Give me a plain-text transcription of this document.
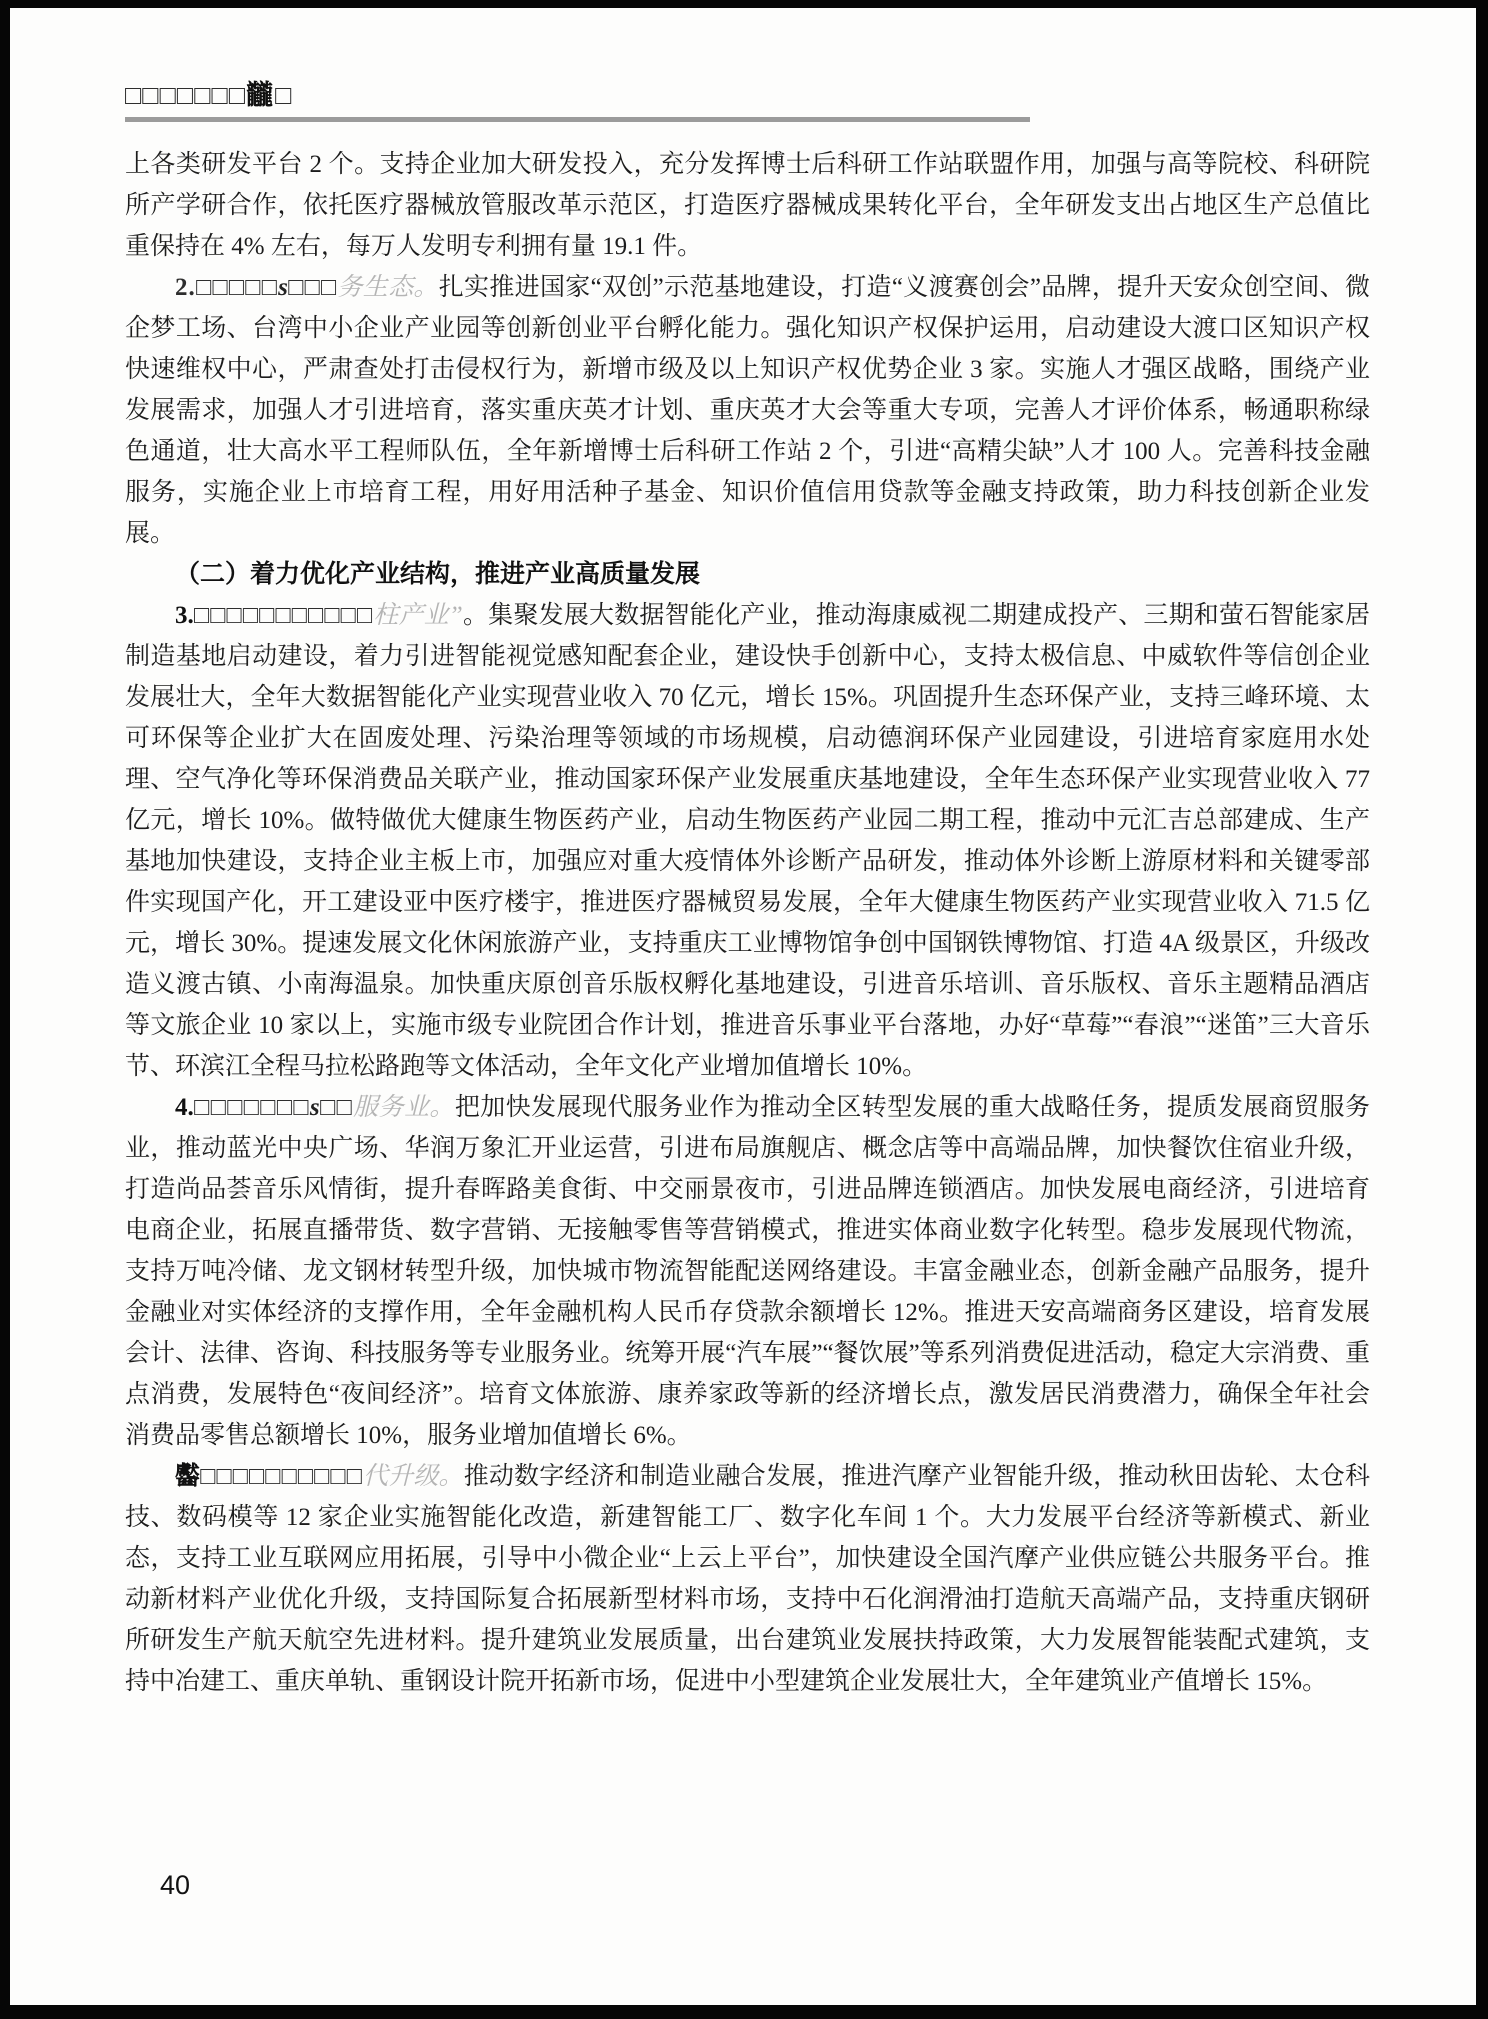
□□□□□□□龖□

上各类研发平台 2 个。支持企业加大研发投入，充分发挥博士后科研工作站联盟作用，加强与高等院校、科研院所产学研合作，依托医疗器械放管服改革示范区，打造医疗器械成果转化平台，全年研发支出占地区生产总值比重保持在 4% 左右，每万人发明专利拥有量 19.1 件。

2.□□□□□s□□□务生态。扎实推进国家“双创”示范基地建设，打造“义渡赛创会”品牌，提升天安众创空间、微企梦工场、台湾中小企业产业园等创新创业平台孵化能力。强化知识产权保护运用，启动建设大渡口区知识产权快速维权中心，严肃查处打击侵权行为，新增市级及以上知识产权优势企业 3 家。实施人才强区战略，围绕产业发展需求，加强人才引进培育，落实重庆英才计划、重庆英才大会等重大专项，完善人才评价体系，畅通职称绿色通道，壮大高水平工程师队伍，全年新增博士后科研工作站 2 个，引进“高精尖缺”人才 100 人。完善科技金融服务，实施企业上市培育工程，用好用活种子基金、知识价值信用贷款等金融支持政策，助力科技创新企业发展。

（二）着力优化产业结构，推进产业高质量发展

3.□□□□□□□□□□□柱产业”。集聚发展大数据智能化产业，推动海康威视二期建成投产、三期和萤石智能家居制造基地启动建设，着力引进智能视觉感知配套企业，建设快手创新中心，支持太极信息、中威软件等信创企业发展壮大，全年大数据智能化产业实现营业收入 70 亿元，增长 15%。巩固提升生态环保产业，支持三峰环境、太可环保等企业扩大在固废处理、污染治理等领域的市场规模，启动德润环保产业园建设，引进培育家庭用水处理、空气净化等环保消费品关联产业，推动国家环保产业发展重庆基地建设，全年生态环保产业实现营业收入 77 亿元，增长 10%。做特做优大健康生物医药产业，启动生物医药产业园二期工程，推动中元汇吉总部建成、生产基地加快建设，支持企业主板上市，加强应对重大疫情体外诊断产品研发，推动体外诊断上游原材料和关键零部件实现国产化，开工建设亚中医疗楼宇，推进医疗器械贸易发展，全年大健康生物医药产业实现营业收入 71.5 亿元，增长 30%。提速发展文化休闲旅游产业，支持重庆工业博物馆争创中国钢铁博物馆、打造 4A 级景区，升级改造义渡古镇、小南海温泉。加快重庆原创音乐版权孵化基地建设，引进音乐培训、音乐版权、音乐主题精品酒店等文旅企业 10 家以上，实施市级专业院团合作计划，推进音乐事业平台落地，办好“草莓”“春浪”“迷笛”三大音乐节、环滨江全程马拉松路跑等文体活动，全年文化产业增加值增长 10%。

4.□□□□□□□s□□服务业。把加快发展现代服务业作为推动全区转型发展的重大战略任务，提质发展商贸服务业，推动蓝光中央广场、华润万象汇开业运营，引进布局旗舰店、概念店等中高端品牌，加快餐饮住宿业升级，打造尚品荟音乐风情街，提升春晖路美食街、中交丽景夜市，引进品牌连锁酒店。加快发展电商经济，引进培育电商企业，拓展直播带货、数字营销、无接触零售等营销模式，推进实体商业数字化转型。稳步发展现代物流，支持万吨冷储、龙文钢材转型升级，加快城市物流智能配送网络建设。丰富金融业态，创新金融产品服务，提升金融业对实体经济的支撑作用，全年金融机构人民币存贷款余额增长 12%。推进天安高端商务区建设，培育发展会计、法律、咨询、科技服务等专业服务业。统筹开展“汽车展”“餐饮展”等系列消费促进活动，稳定大宗消费、重点消费，发展特色“夜间经济”。培育文体旅游、康养家政等新的经济增长点，激发居民消费潜力，确保全年社会消费品零售总额增长 10%，服务业增加值增长 6%。

齾□□□□□□□□□□代升级。推动数字经济和制造业融合发展，推进汽摩产业智能升级，推动秋田齿轮、太仓科技、数码模等 12 家企业实施智能化改造，新建智能工厂、数字化车间 1 个。大力发展平台经济等新模式、新业态，支持工业互联网应用拓展，引导中小微企业“上云上平台”，加快建设全国汽摩产业供应链公共服务平台。推动新材料产业优化升级，支持国际复合拓展新型材料市场，支持中石化润滑油打造航天高端产品，支持重庆钢研所研发生产航天航空先进材料。提升建筑业发展质量，出台建筑业发展扶持政策，大力发展智能装配式建筑，支持中冶建工、重庆单轨、重钢设计院开拓新市场，促进中小型建筑企业发展壮大，全年建筑业产值增长 15%。

40
